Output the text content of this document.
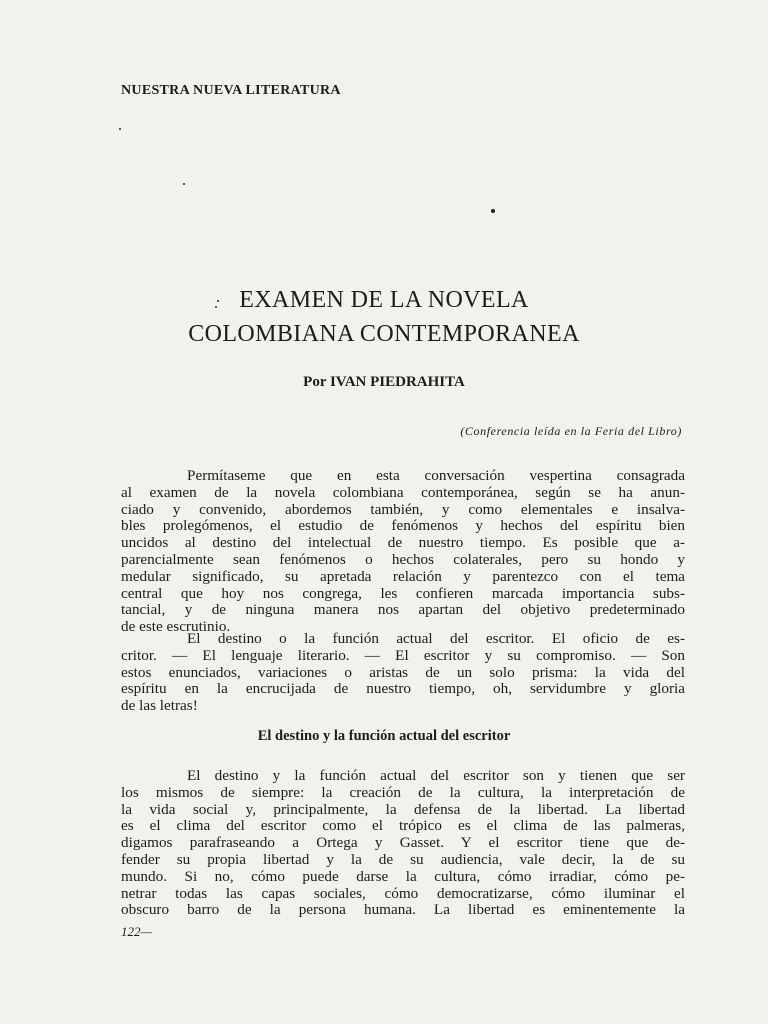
NUESTRA NUEVA LITERATURA
EXAMEN DE LA NOVELA
COLOMBIANA CONTEMPORANEA
Por IVAN PIEDRAHITA
(Conferencia leída en la Feria del Libro)
Permítaseme que en esta conversación vespertina consagrada
al examen de la novela colombiana contemporánea, según se ha anun-
ciado y convenido, abordemos también, y como elementales e insalva-
bles prolegómenos, el estudio de fenómenos y hechos del espíritu bien
uncidos al destino del intelectual de nuestro tiempo. Es posible que a-
parencialmente sean fenómenos o hechos colaterales, pero su hondo y
medular significado, su apretada relación y parentezco con el tema
central que hoy nos congrega, les confieren marcada importancia subs-
tancial, y de ninguna manera nos apartan del objetivo predeterminado
de este escrutinio.
El destino o la función actual del escritor. El oficio de es-
critor. — El lenguaje literario. — El escritor y su compromiso. — Son
estos enunciados, variaciones o aristas de un solo prisma: la vida del
espíritu en la encrucijada de nuestro tiempo, oh, servidumbre y gloria
de las letras!
El destino y la función actual del escritor
El destino y la función actual del escritor son y tienen que ser
los mismos de siempre: la creación de la cultura, la interpretación de
la vida social y, principalmente, la defensa de la libertad. La libertad
es el clima del escritor como el trópico es el clima de las palmeras,
digamos parafraseando a Ortega y Gasset. Y el escritor tiene que de-
fender su propia libertad y la de su audiencia, vale decir, la de su
mundo. Si no, cómo puede darse la cultura, cómo irradiar, cómo pe-
netrar todas las capas sociales, cómo democratizarse, cómo iluminar el
obscuro barro de la persona humana. La libertad es eminentemente la
122—
